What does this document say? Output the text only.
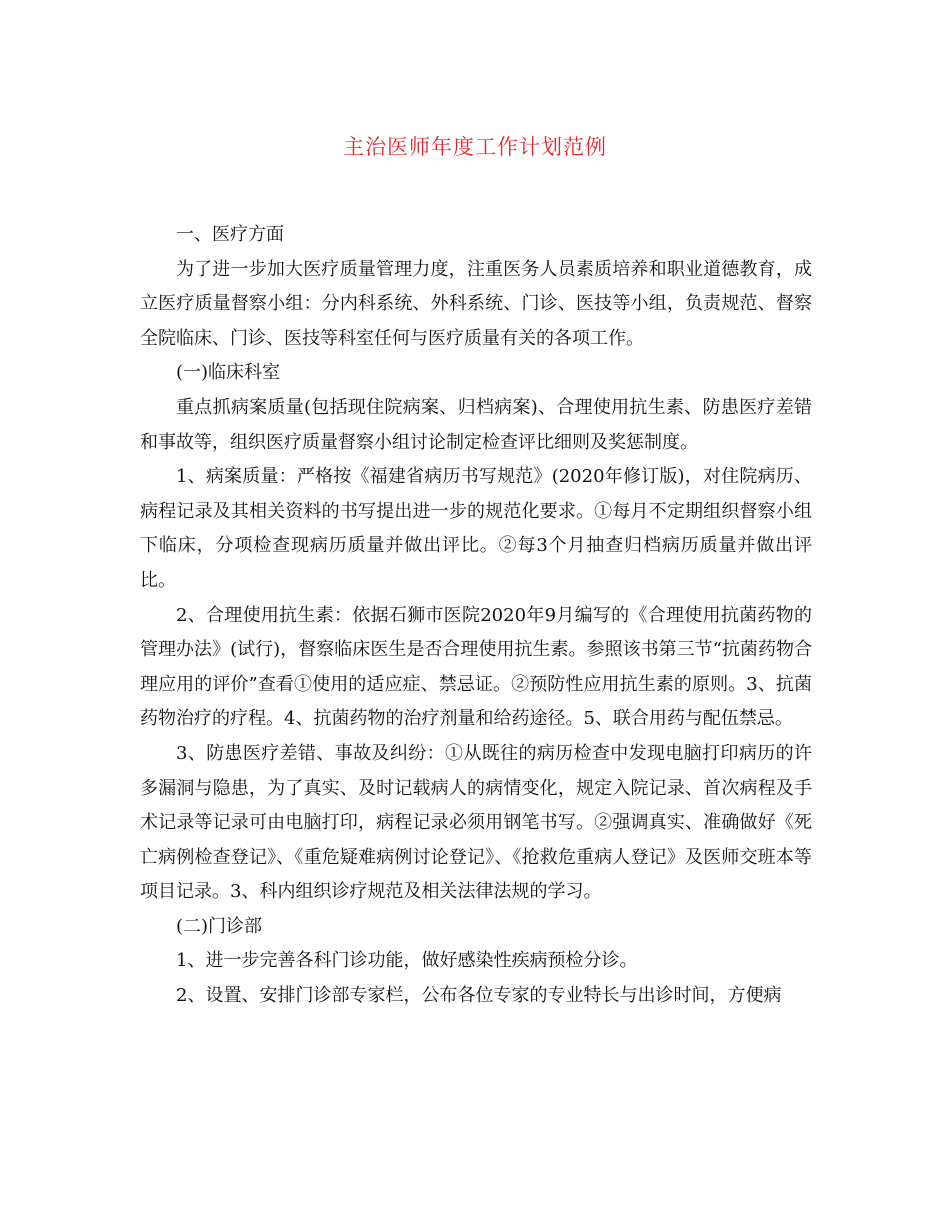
主治医师年度工作计划范例

一、医疗方面

为了进一步加大医疗质量管理力度，注重医务人员素质培养和职业道德教育，成立医疗质量督察小组：分内科系统、外科系统、门诊、医技等小组，负责规范、督察全院临床、门诊、医技等科室任何与医疗质量有关的各项工作。

(一)临床科室

重点抓病案质量(包括现住院病案、归档病案)、合理使用抗生素、防患医疗差错和事故等，组织医疗质量督察小组讨论制定检查评比细则及奖惩制度。

1、病案质量：严格按《福建省病历书写规范》(2020年修订版)，对住院病历、病程记录及其相关资料的书写提出进一步的规范化要求。①每月不定期组织督察小组下临床，分项检查现病历质量并做出评比。②每3个月抽查归档病历质量并做出评比。

2、合理使用抗生素：依据石狮市医院2020年9月编写的《合理使用抗菌药物的管理办法》(试行)，督察临床医生是否合理使用抗生素。参照该书第三节“抗菌药物合理应用的评价”查看①使用的适应症、禁忌证。②预防性应用抗生素的原则。3、抗菌药物治疗的疗程。4、抗菌药物的治疗剂量和给药途径。5、联合用药与配伍禁忌。

3、防患医疗差错、事故及纠纷：①从既往的病历检查中发现电脑打印病历的许多漏洞与隐患，为了真实、及时记载病人的病情变化，规定入院记录、首次病程及手术记录等记录可由电脑打印，病程记录必须用钢笔书写。②强调真实、准确做好《死亡病例检查登记》、《重危疑难病例讨论登记》、《抢救危重病人登记》及医师交班本等项目记录。3、科内组织诊疗规范及相关法律法规的学习。

(二)门诊部

1、进一步完善各科门诊功能，做好感染性疾病预检分诊。

2、设置、安排门诊部专家栏，公布各位专家的专业特长与出诊时间，方便病
